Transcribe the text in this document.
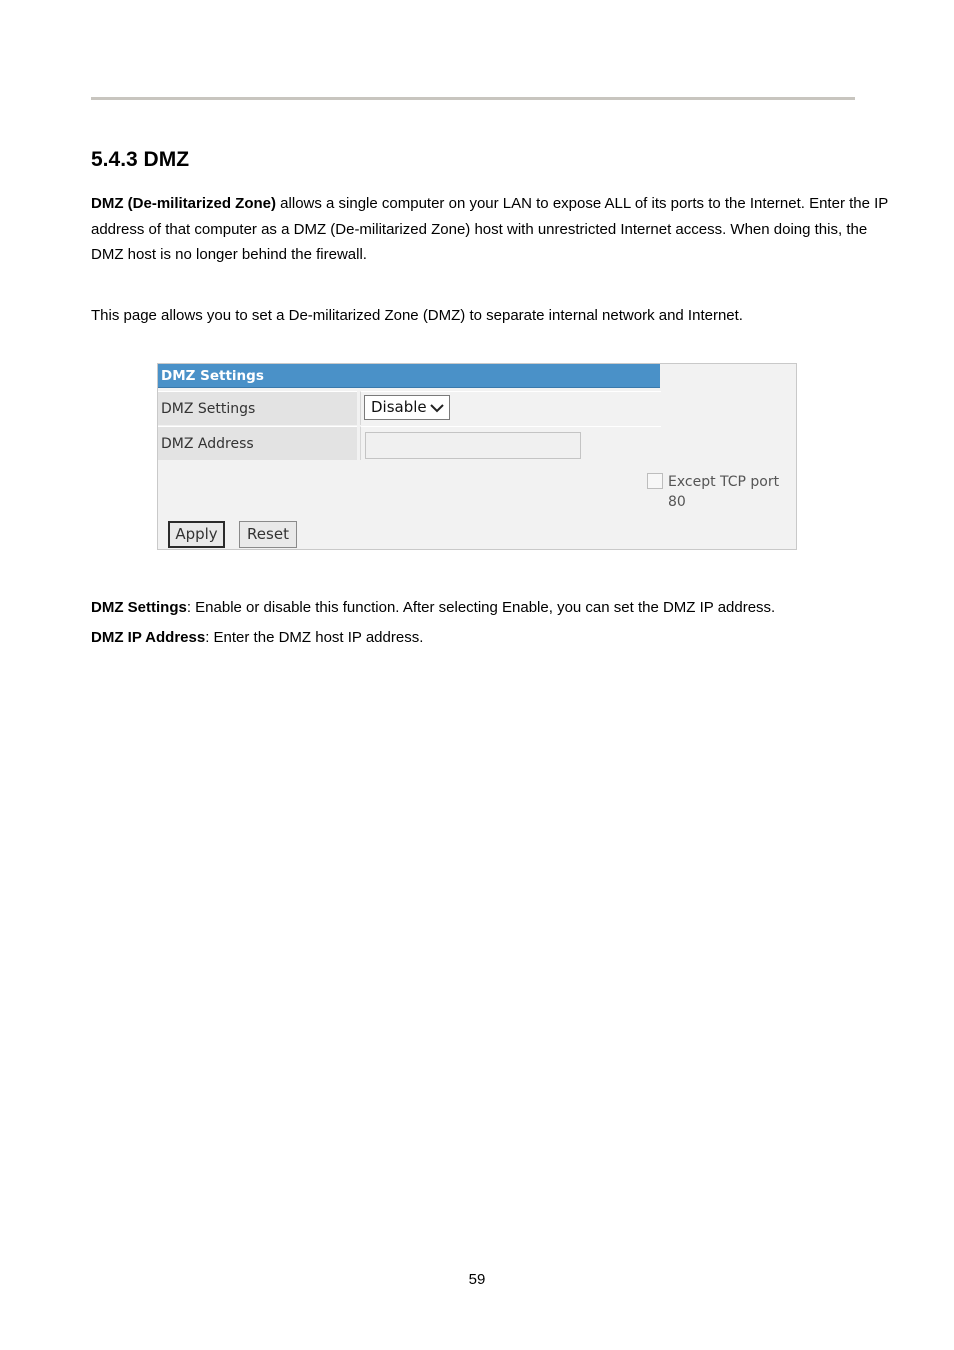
5.4.3 DMZ

DMZ (De-militarized Zone) allows a single computer on your LAN to expose ALL of its ports to the Internet. Enter the IP address of that computer as a DMZ (De-militarized Zone) host with unrestricted Internet access. When doing this, the DMZ host is no longer behind the firewall.

This page allows you to set a De-militarized Zone (DMZ) to separate internal network and Internet.

DMZ Settings
DMZ Settings	Disable
DMZ Address
Except TCP port 80
Apply	Reset

DMZ Settings: Enable or disable this function. After selecting Enable, you can set the DMZ IP address.

DMZ IP Address: Enter the DMZ host IP address.

59
